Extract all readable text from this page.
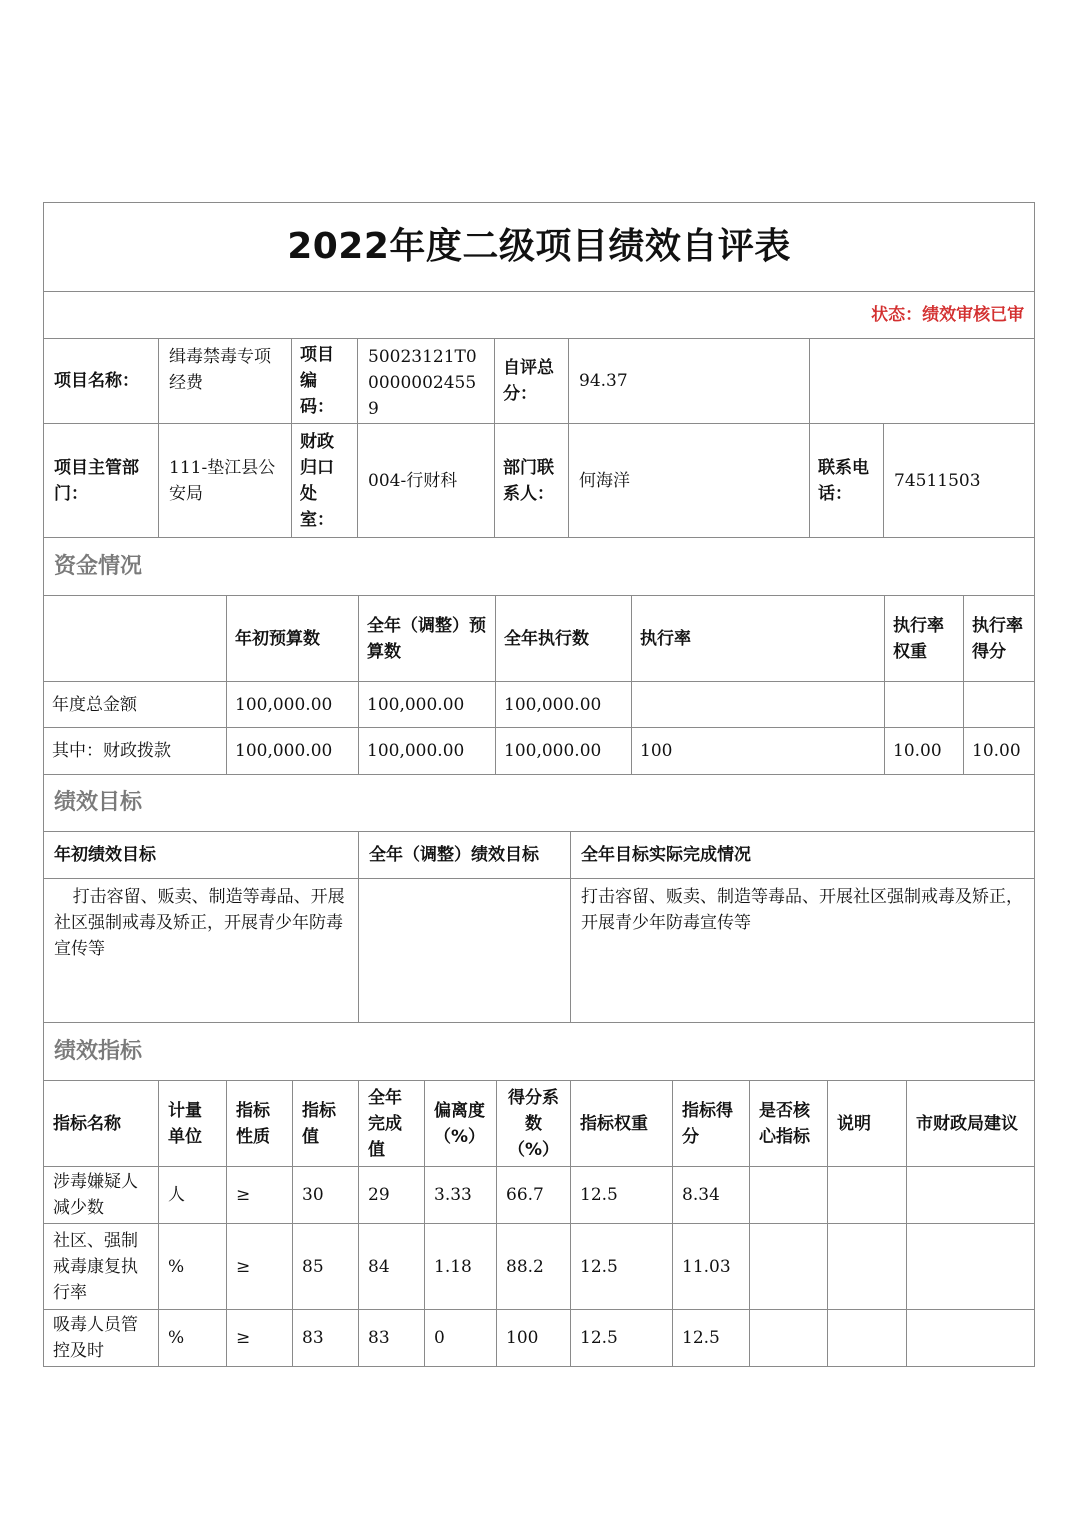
2022年度二级项目绩效自评表							
状态：绩效审核已审							
项目名称：	缉毒禁毒专项经费	项目编码：	50023121T000000024559	自评总分：	94.37		
项目主管部门：	111-垫江县公安局	财政归口处室：	004-行财科	部门联系人：	何海洋	联系电话：	74511503
资金情况							
	年初预算数	全年（调整）预算数	全年执行数	执行率	执行率权重	执行率得分
年度总金额	100,000.00	100,000.00	100,000.00			
其中：财政拨款	100,000.00	100,000.00	100,000.00	100	10.00	10.00
绩效目标						
年初绩效目标	全年（调整）绩效目标	全年目标实际完成情况
打击容留、贩卖、制造等毒品、开展社区强制戒毒及矫正，开展青少年防毒宣传等		打击容留、贩卖、制造等毒品、开展社区强制戒毒及矫正，开展青少年防毒宣传等
绩效指标		
指标名称	计量单位	指标性质	指标值	全年完成值	偏离度（%）	得分系数（%）	指标权重	指标得分	是否核心指标	说明	市财政局建议
涉毒嫌疑人减少数	人	≥	30	29	3.33	66.7	12.5	8.34			
社区、强制戒毒康复执行率	%	≥	85	84	1.18	88.2	12.5	11.03			
吸毒人员管控及时	%	≥	83	83	0	100	12.5	12.5			
